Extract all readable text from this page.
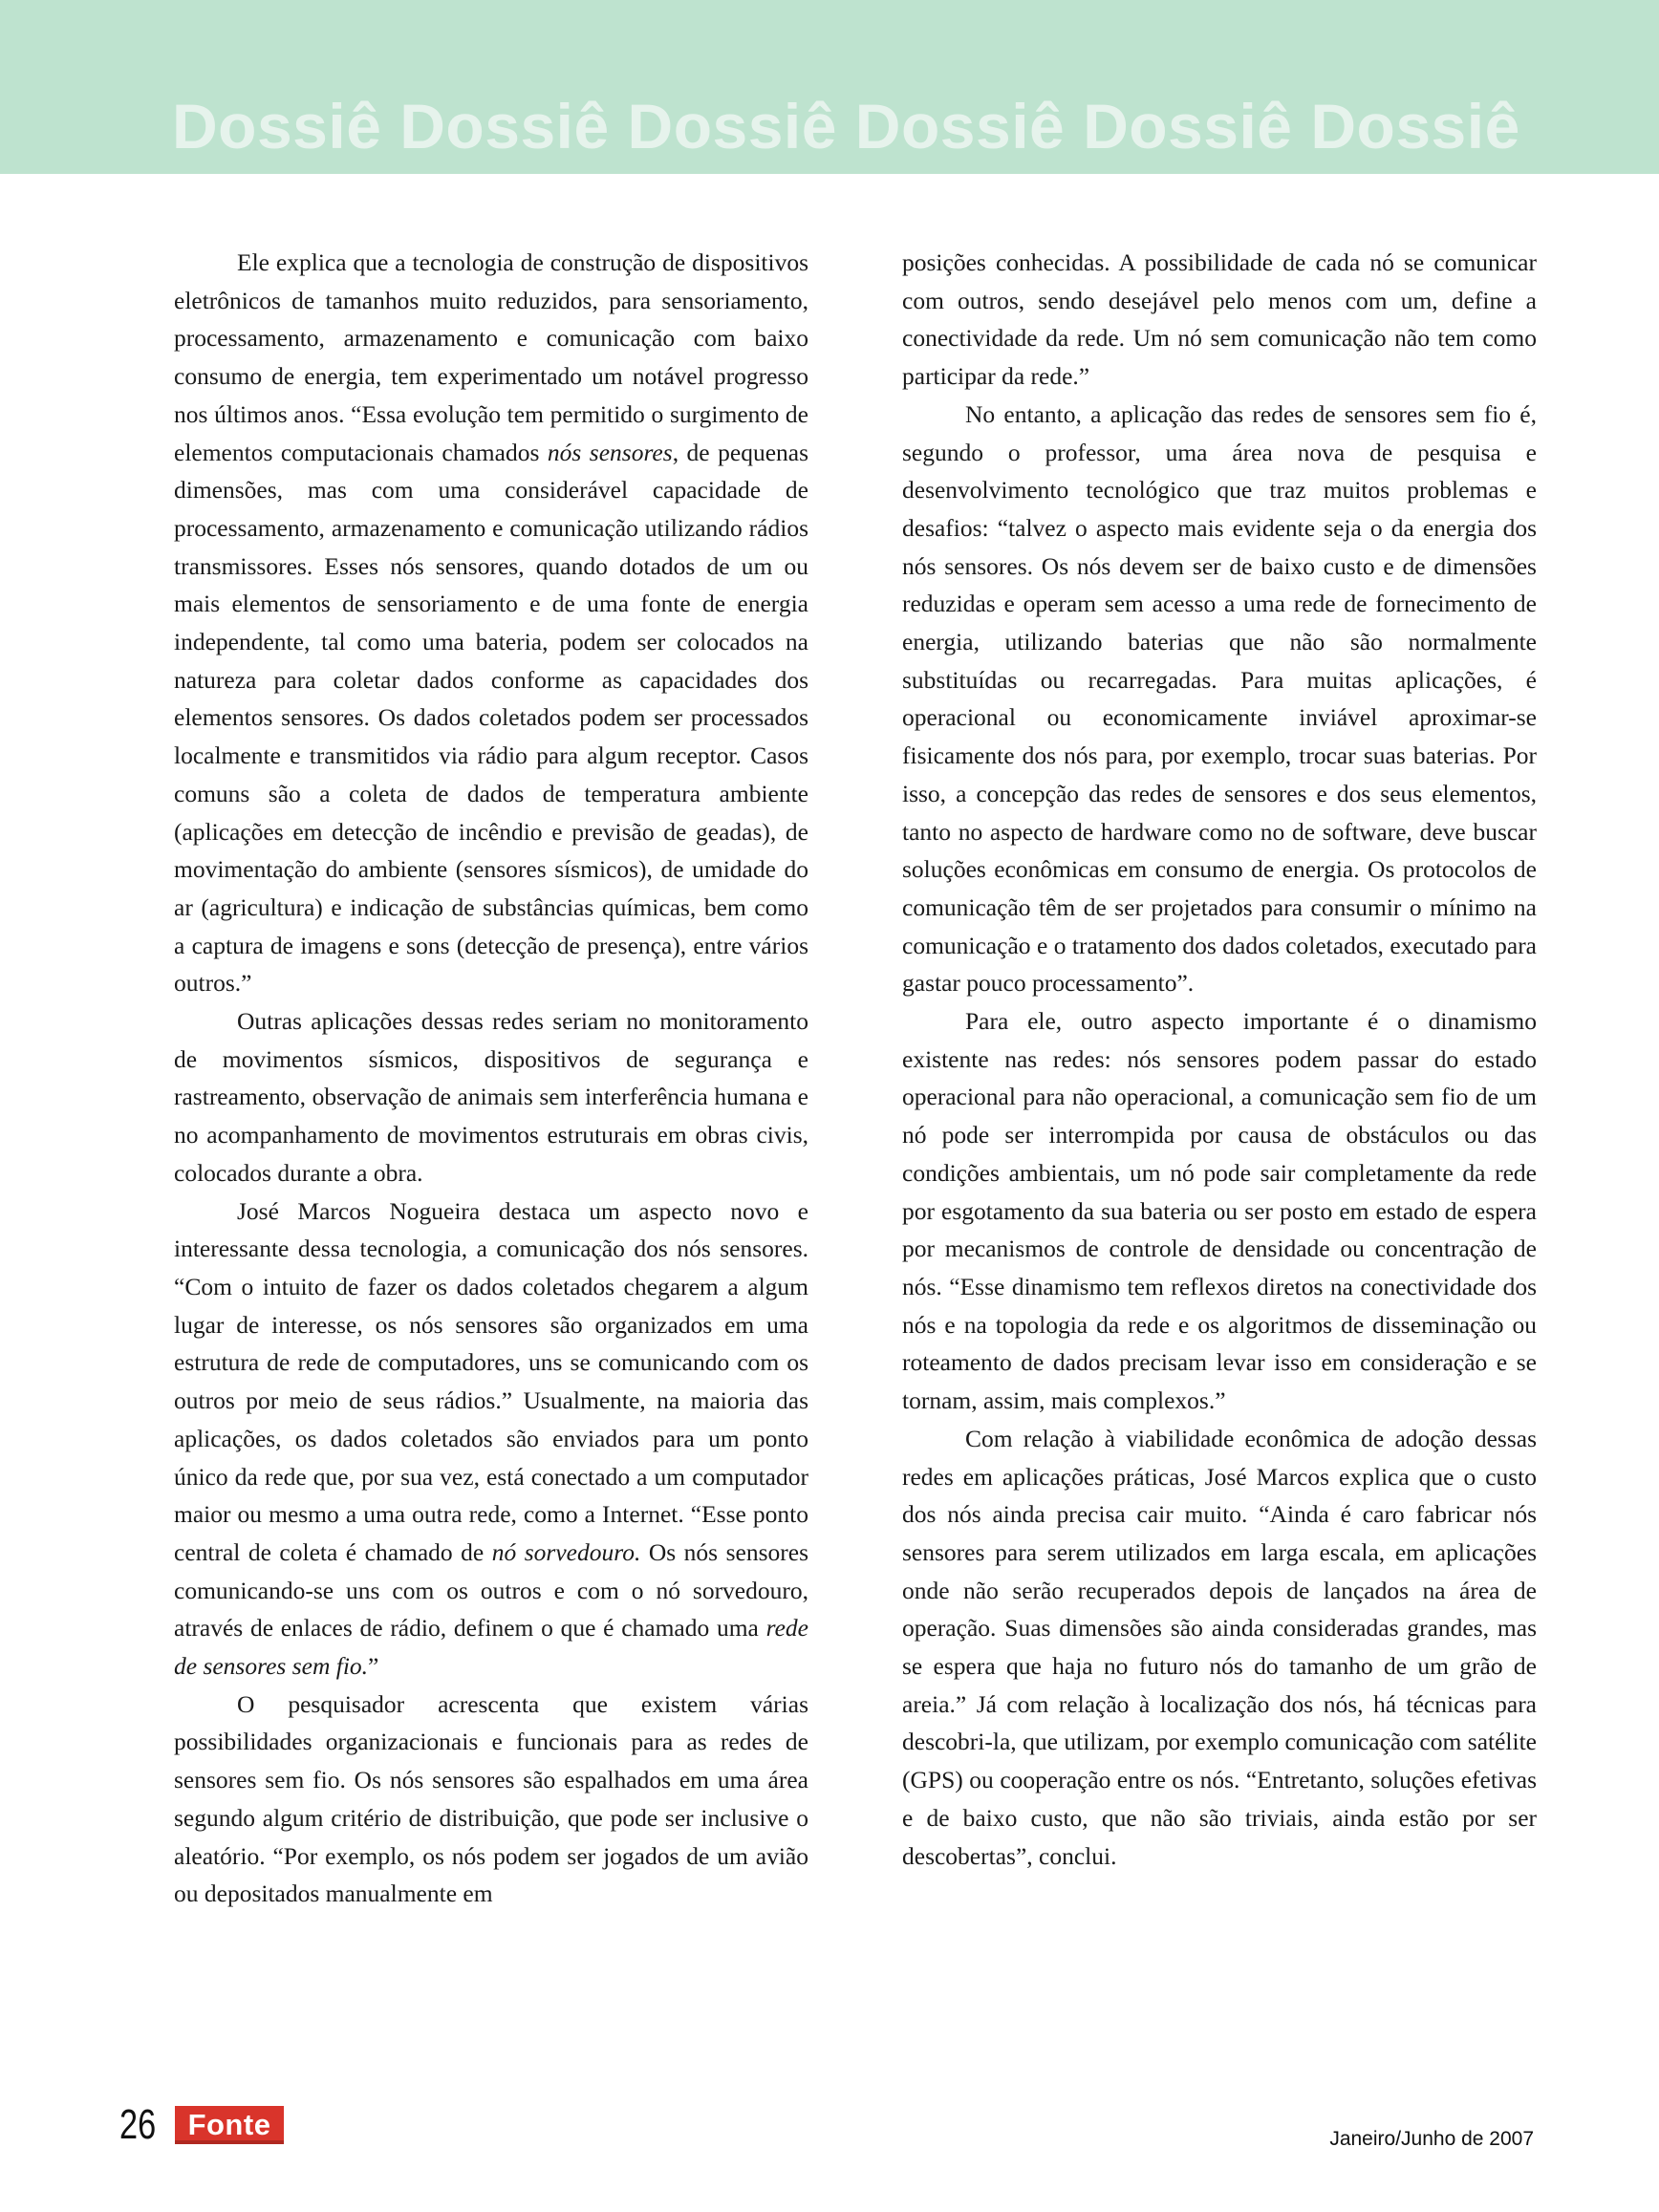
Dossiê Dossiê Dossiê Dossiê Dossiê Dossiê

Ele explica que a tecnologia de construção de dispositivos eletrônicos de tamanhos muito reduzidos, para sensoriamento, processamento, armazenamento e comunicação com baixo consumo de energia, tem experimentado um notável progresso nos últimos anos. “Essa evolução tem permitido o surgimento de elementos computacionais chamados nós sensores, de pequenas dimensões, mas com uma considerável capacidade de processamento, armazenamento e comunicação utilizando rádios transmissores. Esses nós sensores, quando dotados de um ou mais elementos de sensoriamento e de uma fonte de energia independente, tal como uma bateria, podem ser colocados na natureza para coletar dados conforme as capacidades dos elementos sensores. Os dados coletados podem ser processados localmente e transmitidos via rádio para algum receptor. Casos comuns são a coleta de dados de temperatura ambiente (aplicações em detecção de incêndio e previsão de geadas), de movimentação do ambiente (sensores sísmicos), de umidade do ar (agricultura) e indicação de substâncias químicas, bem como a captura de imagens e sons (detecção de presença), entre vários outros.”

Outras aplicações dessas redes seriam no monitoramento de movimentos sísmicos, dispositivos de segurança e rastreamento, observação de animais sem interferência humana e no acompanhamento de movimentos estruturais em obras civis, colocados durante a obra.

José Marcos Nogueira destaca um aspecto novo e interessante dessa tecnologia, a comunicação dos nós sensores. “Com o intuito de fazer os dados coletados chegarem a algum lugar de interesse, os nós sensores são organizados em uma estrutura de rede de computadores, uns se comunicando com os outros por meio de seus rádios.” Usualmente, na maioria das aplicações, os dados coletados são enviados para um ponto único da rede que, por sua vez, está conectado a um computador maior ou mesmo a uma outra rede, como a Internet. “Esse ponto central de coleta é chamado de nó sorvedouro. Os nós sensores comunicando-se uns com os outros e com o nó sorvedouro, através de enlaces de rádio, definem o que é chamado uma rede de sensores sem fio.”

O pesquisador acrescenta que existem várias possibilidades organizacionais e funcionais para as redes de sensores sem fio. Os nós sensores são espalhados em uma área segundo algum critério de distribuição, que pode ser inclusive o aleatório. “Por exemplo, os nós podem ser jogados de um avião ou depositados manualmente em

posições conhecidas. A possibilidade de cada nó se comunicar com outros, sendo desejável pelo menos com um, define a conectividade da rede. Um nó sem comunicação não tem como participar da rede.”

No entanto, a aplicação das redes de sensores sem fio é, segundo o professor, uma área nova de pesquisa e desenvolvimento tecnológico que traz muitos problemas e desafios: “talvez o aspecto mais evidente seja o da energia dos nós sensores. Os nós devem ser de baixo custo e de dimensões reduzidas e operam sem acesso a uma rede de fornecimento de energia, utilizando baterias que não são normalmente substituídas ou recarregadas. Para muitas aplicações, é operacional ou economicamente inviável aproximar-se fisicamente dos nós para, por exemplo, trocar suas baterias. Por isso, a concepção das redes de sensores e dos seus elementos, tanto no aspecto de hardware como no de software, deve buscar soluções econômicas em consumo de energia. Os protocolos de comunicação têm de ser projetados para consumir o mínimo na comunicação e o tratamento dos dados coletados, executado para gastar pouco processamento”.

Para ele, outro aspecto importante é o dinamismo existente nas redes: nós sensores podem passar do estado operacional para não operacional, a comunicação sem fio de um nó pode ser interrompida por causa de obstáculos ou das condições ambientais, um nó pode sair completamente da rede por esgotamento da sua bateria ou ser posto em estado de espera por mecanismos de controle de densidade ou concentração de nós. “Esse dinamismo tem reflexos diretos na conectividade dos nós e na topologia da rede e os algoritmos de disseminação ou roteamento de dados precisam levar isso em consideração e se tornam, assim, mais complexos.”

Com relação à viabilidade econômica de adoção dessas redes em aplicações práticas, José Marcos explica que o custo dos nós ainda precisa cair muito. “Ainda é caro fabricar nós sensores para serem utilizados em larga escala, em aplicações onde não serão recuperados depois de lançados na área de operação. Suas dimensões são ainda consideradas grandes, mas se espera que haja no futuro nós do tamanho de um grão de areia.” Já com relação à localização dos nós, há técnicas para descobri-la, que utilizam, por exemplo comunicação com satélite (GPS) ou cooperação entre os nós. “Entretanto, soluções efetivas e de baixo custo, que não são triviais, ainda estão por ser descobertas”, conclui.

26	Fonte	Janeiro/Junho de 2007
